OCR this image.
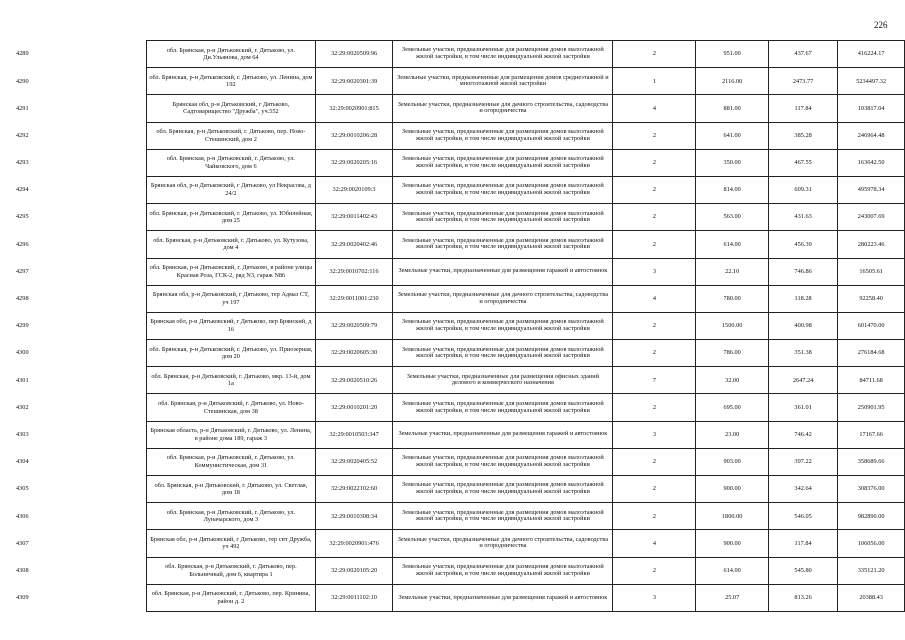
226
4289	обл. Брянская, р-н Дятьковский, г. Дятьково, ул. Ди.Ульянова, дом 64	32:29:0020509:96	Земельные участки, предназначенные для размещения домов малоэтажной жилой застройки, в том числе индивидуальной жилой застройки	2	951.00	437.67	416224.17
4290	обл. Брянская, р-н Дятьковский, г. Дятьково, ул. Ленина, дом 192	32:29:0020301:39	Земельные участки, предназначенные для размещения домов среднеэтажной и многоэтажной жилой застройки	1	2116.00	2473.77	5234497.32
4291	Брянская обл, р-н Дятьковский, г Дятьково, Садтоварищество "Дружба", уч.552	32:29:0020901:815	Земельные участки, предназначенные для дачного строительства, садоводства и огородничества	4	881.00	117.84	103817.04
4292	обл. Брянская, р-н Дятьковский, г. Дятьково, пер. Ново-Стешинский, дом 2	32:29:0010206:28	Земельные участки, предназначенные для размещения домов малоэтажной жилой застройки, в том числе индивидуальной жилой застройки	2	641.00	385.28	246964.48
4293	обл. Брянская, р-н Дятьковский, г. Дятьково, ул. Чайковского, дом 6	32:29:0020205:16	Земельные участки, предназначенные для размещения домов малоэтажной жилой застройки, в том числе индивидуальной жилой застройки	2	350.00	467.55	163642.50
4294	Брянская обл, р-н Дятьковский, г Дятьково, ул Некрасова, д 24/2	32:29:0020109:3	Земельные участки, предназначенные для размещения домов малоэтажной жилой застройки, в том числе индивидуальной жилой застройки	2	814.00	609.31	495978.34
4295	обл. Брянская, р-н Дятьковский, г. Дятьково, ул. Юбилейная, дом 25	32:29:0011402:43	Земельные участки, предназначенные для размещения домов малоэтажной жилой застройки, в том числе индивидуальной жилой застройки	2	563.00	431.63	243007.69
4296	обл. Брянская, р-н Дятьковский, г. Дятьково, ул. Кутузова, дом 4	32:29:0020402:46	Земельные участки, предназначенные для размещения домов малоэтажной жилой застройки, в том числе индивидуальной жилой застройки	2	614.00	456.39	280223.46
4297	обл. Брянская, р-н Дятьковский, г. Дятьково, в районе улицы Красная Роза, ГСК-2, ряд N3, гараж N86	32:29:0010702:116	Земельные участки, предназначенные для размещения гаражей и автостоянок	3	22.10	746.86	16505.61
4298	Брянская обл, р-н Дятьковский, г Дятьково, тер Адмаз СТ, уч 197	32:29:0011001:230	Земельные участки, предназначенные для дачного строительства, садоводства и огородничества	4	780.00	118.28	92258.40
4299	Брянская обл, р-н Дятьковский, г Дятьково, пер Брянский, д 16	32:29:0020509:79	Земельные участки, предназначенные для размещения домов малоэтажной жилой застройки, в том числе индивидуальной жилой застройки	2	1500.00	400.98	601470.00
4300	обл. Брянская, р-н Дятьковский, г. Дятьково, ул. Приозерная, дом 20	32:29:0020605:30	Земельные участки, предназначенные для размещения домов малоэтажной жилой застройки, в том числе индивидуальной жилой застройки	2	786.00	351.38	276184.68
4301	обл. Брянская, р-н Дятьковский, г. Дятьково, мкр. 13-й, дом 1а	32:29:0020510:26	Земельные участки, предназначенные для размещения офисных зданий делового и коммерческого назначения	7	32.00	2647.24	84711.68
4302	обл. Брянская, р-н Дятьковский, г. Дятьково, ул. Ново-Стешинская, дом 38	32:29:0010201:20	Земельные участки, предназначенные для размещения домов малоэтажной жилой застройки, в том числе индивидуальной жилой застройки	2	695.00	361.01	250901.95
4303	Брянская область, р-н Дятьковский, г. Дятьково, ул. Ленина, в районе дома 189, гараж 3	32:29:0010503:347	Земельные участки, предназначенные для размещения гаражей и автостоянок	3	23.00	746.42	17167.66
4304	обл. Брянская, р-н Дятьковский, г. Дятьково, ул. Коммунистическая, дом 31	32:29:0020405:52	Земельные участки, предназначенные для размещения домов малоэтажной жилой застройки, в том числе индивидуальной жилой застройки	2	903.00	397.22	358689.66
4305	обл. Брянская, р-н Дятьковский, г. Дятьково, ул. Светлая, дом 18	32:29:0022102:60	Земельные участки, предназначенные для размещения домов малоэтажной жилой застройки, в том числе индивидуальной жилой застройки	2	900.00	342.64	308376.00
4306	обл. Брянская, р-н Дятьковский, г. Дятьково, ул. Луначарского, дом 3	32:29:0010308:34	Земельные участки, предназначенные для размещения домов малоэтажной жилой застройки, в том числе индивидуальной жилой застройки	2	1800.00	546.05	982890.00
4307	Брянская обл, р-н Дятьковский, г Дятьково, тер снт Дружба, уч 492	32:29:0020901:476	Земельные участки, предназначенные для дачного строительства, садоводства и огородничества	4	900.00	117.84	106056.00
4308	обл. Брянская, р-н Дятьковский, г. Дятьково, пер. Больничный, дом 6, квартира 1	32:29:0020105:20	Земельные участки, предназначенные для размещения домов малоэтажной жилой застройки, в том числе индивидуальной жилой застройки	2	614.00	545.80	335121.20
4309	обл. Брянская, р-н Дятьковский, г. Дятьково, пер. Кринина, район д. 2	32:29:0011102:10	Земельные участки, предназначенные для размещения гаражей и автостоянок	3	25.07	813.26	20388.43
